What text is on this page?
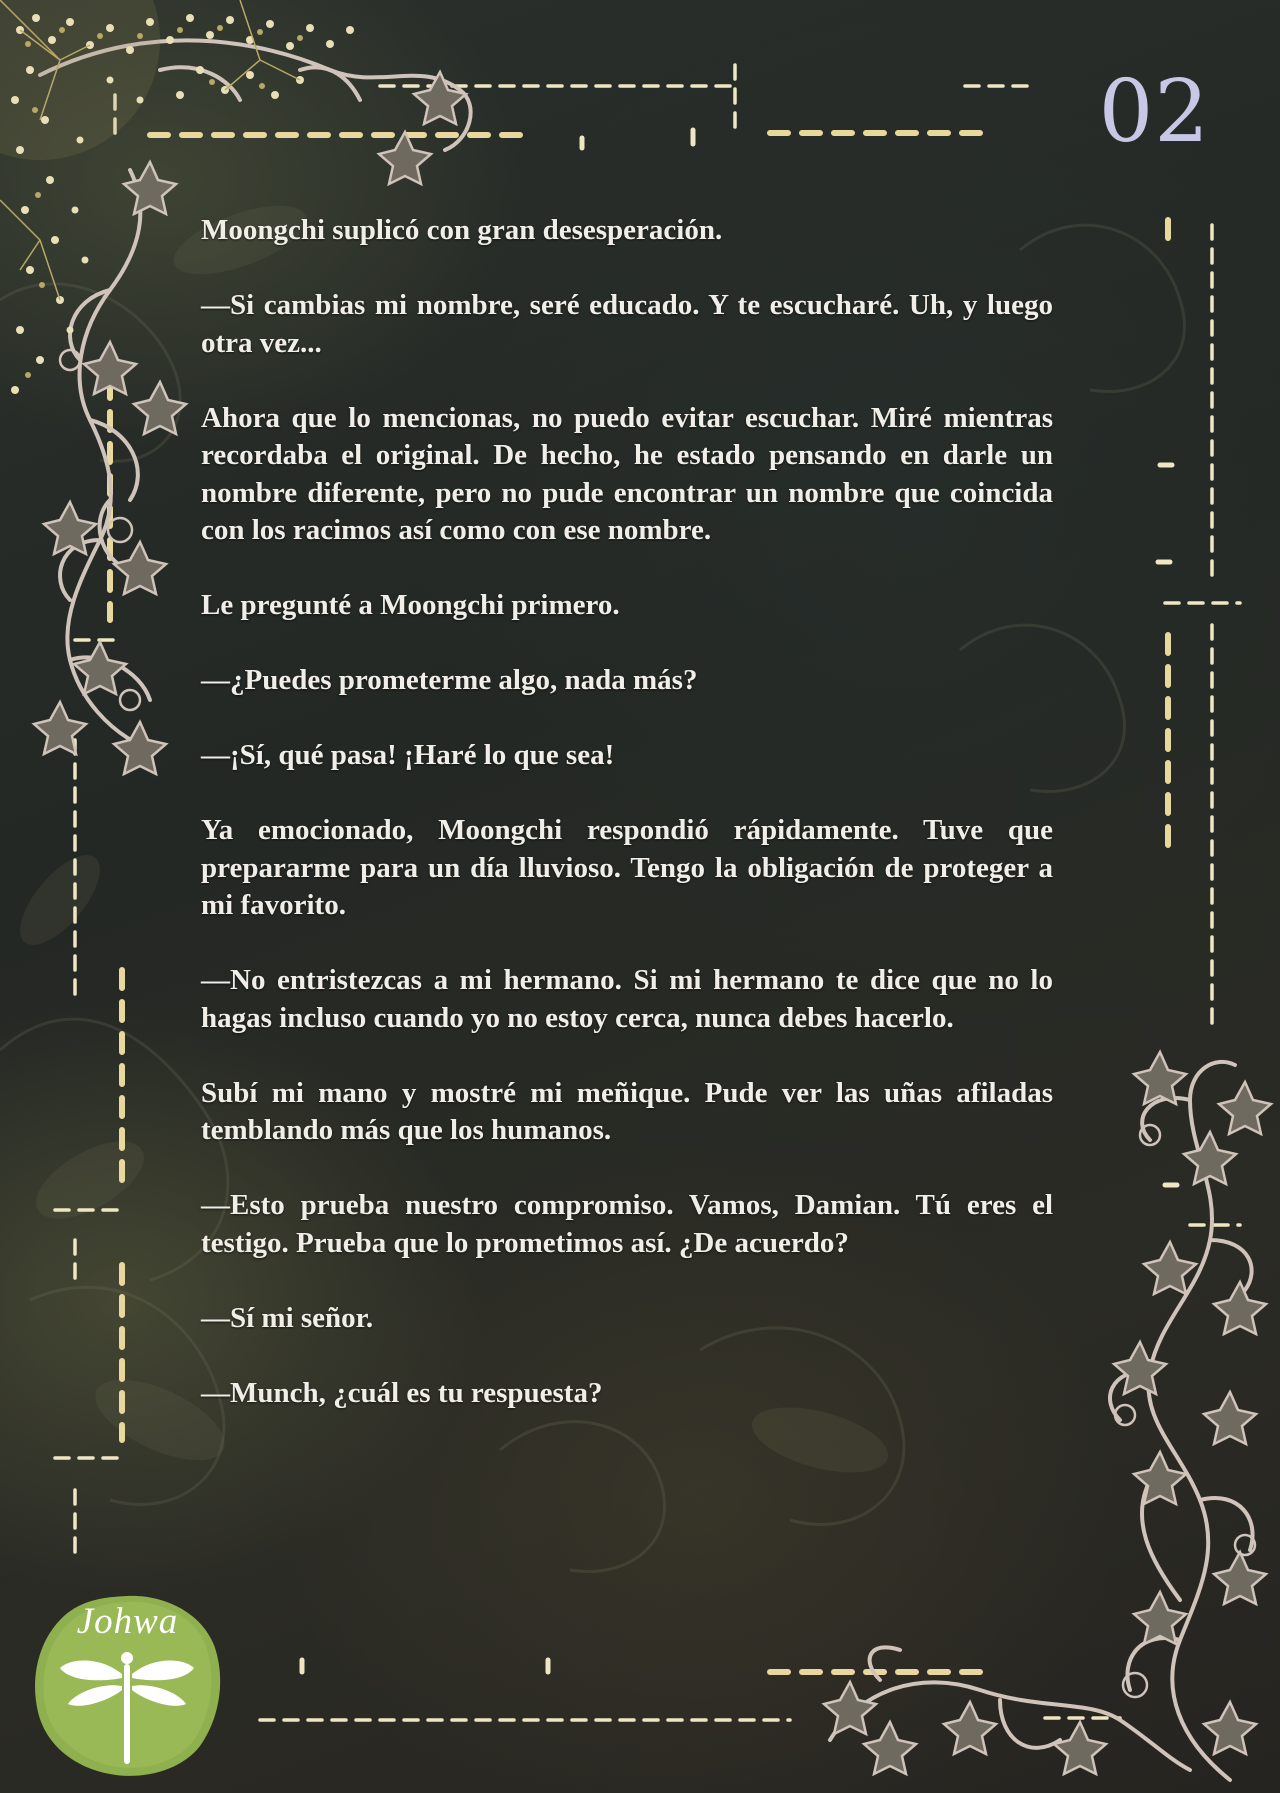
02

Moongchi suplicó con gran desesperación.

—Si cambias mi nombre, seré educado. Y te escucharé. Uh, y luego otra vez...

Ahora que lo mencionas, no puedo evitar escuchar. Miré mientras recordaba el original. De hecho, he estado pensando en darle un nombre diferente, pero no pude encontrar un nombre que coincida con los racimos así como con ese nombre.

Le pregunté a Moongchi primero.

—¿Puedes prometerme algo, nada más?

—¡Sí, qué pasa! ¡Haré lo que sea!

Ya emocionado, Moongchi respondió rápidamente. Tuve que prepararme para un día lluvioso. Tengo la obligación de proteger a mi favorito.

—No entristezcas a mi hermano. Si mi hermano te dice que no lo hagas incluso cuando yo no estoy cerca, nunca debes hacerlo.

Subí mi mano y mostré mi meñique. Pude ver las uñas afiladas temblando más que los humanos.

—Esto prueba nuestro compromiso. Vamos, Damian. Tú eres el testigo. Prueba que lo prometimos así. ¿De acuerdo?

—Sí mi señor.

—Munch, ¿cuál es tu respuesta?

Johwa
